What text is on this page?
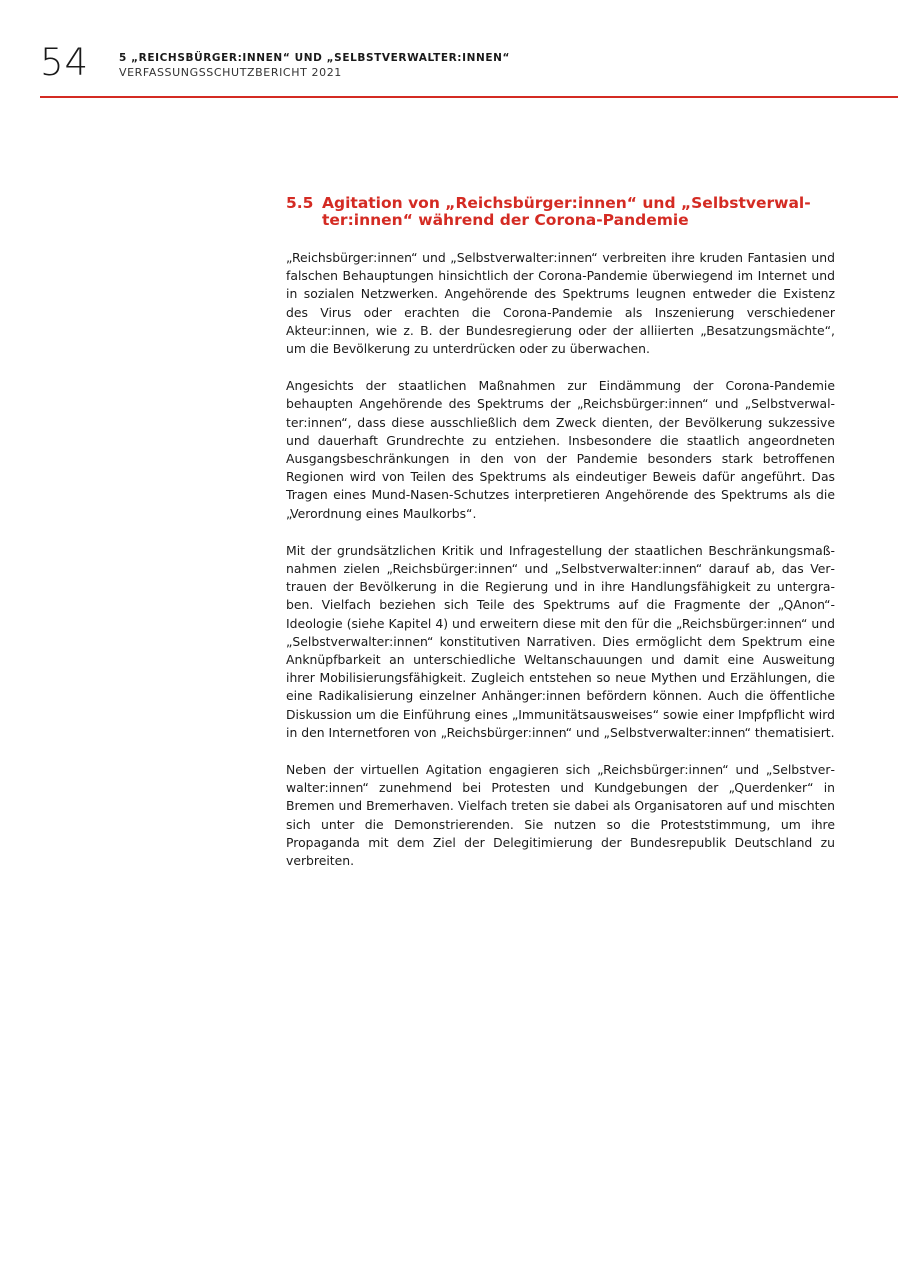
54	5 „REICHSBÜRGER:INNEN“ UND „SELBSTVERWALTER:INNEN“
VERFASSUNGSSCHUTZBERICHT 2021
5.5 Agitation von „Reichsbürger:innen“ und „Selbstverwalter:innen“ während der Corona-Pandemie

„Reichsbürger:innen“ und „Selbstverwalter:innen“ verbreiten ihre kruden Fantasien und falschen Behauptungen hinsichtlich der Corona-Pandemie überwiegend im Internet und in sozialen Netzwerken. Angehörende des Spektrums leugnen entweder die Existenz des Virus oder erachten die Corona-Pandemie als Inszenierung verschiedener Akteur:innen, wie z. B. der Bundesregierung oder der alliierten „Besatzungsmächte“, um die Bevölkerung zu unterdrücken oder zu überwachen.

Angesichts der staatlichen Maßnahmen zur Eindämmung der Corona-Pandemie behaupten Angehörende des Spektrums der „Reichsbürger:innen“ und „Selbstverwalter:innen“, dass diese ausschließlich dem Zweck dienten, der Bevölkerung sukzessive und dauerhaft Grundrechte zu entziehen. Insbesondere die staatlich angeordneten Ausgangsbeschränkungen in den von der Pandemie besonders stark betroffenen Regionen wird von Teilen des Spektrums als eindeutiger Beweis dafür angeführt. Das Tragen eines Mund-Nasen-Schutzes interpretieren Angehörende des Spektrums als die „Verordnung eines Maulkorbs“.

Mit der grundsätzlichen Kritik und Infragestellung der staatlichen Beschränkungsmaßnahmen zielen „Reichsbürger:innen“ und „Selbstverwalter:innen“ darauf ab, das Vertrauen der Bevölkerung in die Regierung und in ihre Handlungsfähigkeit zu untergraben. Vielfach beziehen sich Teile des Spektrums auf die Fragmente der „QAnon“-Ideologie (siehe Kapitel 4) und erweitern diese mit den für die „Reichsbürger:innen“ und „Selbstverwalter:innen“ konstitutiven Narrativen. Dies ermöglicht dem Spektrum eine Anknüpfbarkeit an unterschiedliche Weltanschauungen und damit eine Ausweitung ihrer Mobilisierungsfähigkeit. Zugleich entstehen so neue Mythen und Erzählungen, die eine Radikalisierung einzelner Anhänger:innen befördern können. Auch die öffentliche Diskussion um die Einführung eines „Immunitätsausweises“ sowie einer Impfpflicht wird in den Internetforen von „Reichsbürger:innen“ und „Selbstverwalter:innen“ thematisiert.

Neben der virtuellen Agitation engagieren sich „Reichsbürger:innen“ und „Selbstverwalter:innen“ zunehmend bei Protesten und Kundgebungen der „Querdenker“ in Bremen und Bremerhaven. Vielfach treten sie dabei als Organisatoren auf und mischten sich unter die Demonstrierenden. Sie nutzen so die Proteststimmung, um ihre Propaganda mit dem Ziel der Delegitimierung der Bundesrepublik Deutschland zu verbreiten.
